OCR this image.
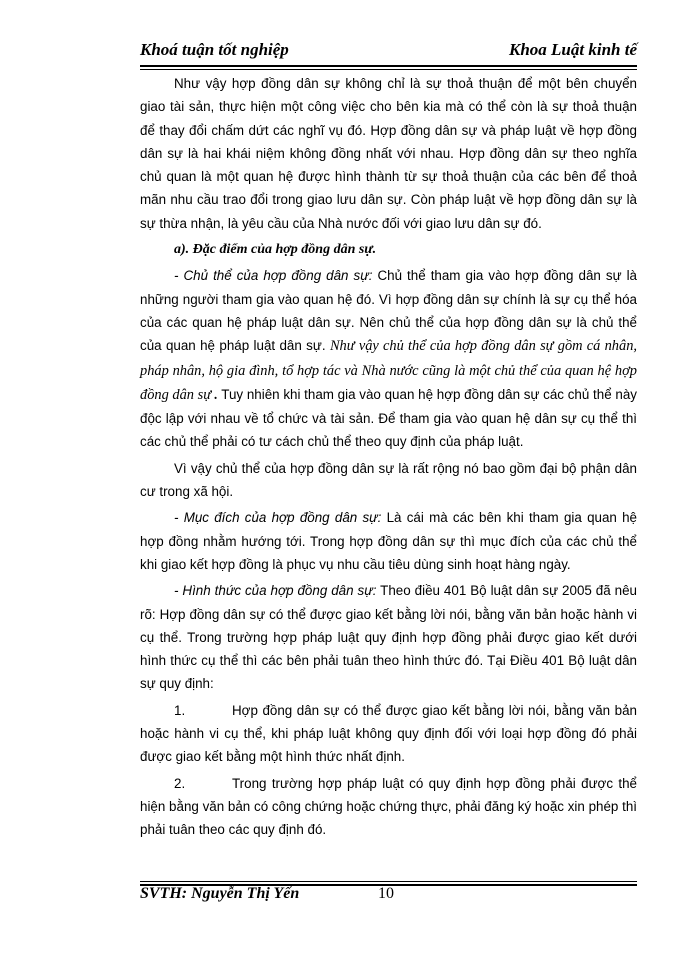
Khoá tuận tốt nghiệp	Khoa Luật kinh tế

Như vậy hợp đồng dân sự không chỉ là sự thoả thuận để một bên chuyển giao tài sản, thực hiện một công việc cho bên kia mà có thể còn là sự thoả thuận để thay đổi chấm dứt các nghĩ vụ đó. Hợp đồng dân sự và pháp luật về hợp đồng dân sự là hai khái niệm không đồng nhất với nhau. Hợp đồng dân sự theo nghĩa chủ quan là một quan hệ được hình thành từ sự thoả thuận của các bên để thoả mãn nhu cầu trao đổi trong giao lưu dân sự. Còn pháp luật về hợp đồng dân sự là sự thừa nhận, là yêu cầu của Nhà nước đối với giao lưu dân sự đó.

a). Đặc điểm của hợp đồng dân sự.

- Chủ thể của hợp đồng dân sự: Chủ thể tham gia vào hợp đồng dân sự là những người tham gia vào quan hệ đó. Vì hợp đồng dân sự chính là sự cụ thể hóa của các quan hệ pháp luật dân sự. Nên chủ thể của hợp đồng dân sự là chủ thể của quan hệ pháp luật dân sự. Như vậy chủ thể của hợp đồng dân sự gồm cá nhân, pháp nhân, hộ gia đình, tổ hợp tác và Nhà nước cũng là một chủ thể của quan hệ hợp đồng dân sự . Tuy nhiên khi tham gia vào quan hệ hợp đồng dân sự các chủ thể này độc lập với nhau về tổ chức và tài sản. Để tham gia vào quan hệ dân sự cụ thể thì các chủ thể phải có tư cách chủ thể theo quy định của pháp luật.

Vì vậy chủ thể của hợp đồng dân sự là rất rộng nó bao gồm đại bộ phận dân cư trong xã hội.

- Mục đích của hợp đồng dân sự: Là cái mà các bên khi tham gia quan hệ hợp đồng nhằm hướng tới. Trong hợp đồng dân sự thì mục đích của các chủ thể khi giao kết hợp đồng là phục vụ nhu cầu tiêu dùng sinh hoạt hàng ngày.

- Hình thức của hợp đồng dân sự: Theo điều 401 Bộ luật dân sự 2005 đã nêu rõ: Hợp đồng dân sự có thể được giao kết bằng lời nói, bằng văn bản hoặc hành vi cụ thể. Trong trường hợp pháp luật quy định hợp đồng phải được giao kết dưới hình thức cụ thể thì các bên phải tuân theo hình thức đó. Tại Điều 401 Bộ luật dân sự quy định:

1.	Hợp đồng dân sự có thể được giao kết bằng lời nói, bằng văn bản hoặc hành vi cụ thể, khi pháp luật không quy định đối với loại hợp đồng đó phải được giao kết bằng một hình thức nhất định.

2.	Trong trường hợp pháp luật có quy định hợp đồng phải được thể hiện bằng văn bản có công chứng hoặc chứng thực, phải đăng ký hoặc xin phép thì phải tuân theo các quy định đó.

SVTH: Nguyễn Thị Yến	10
